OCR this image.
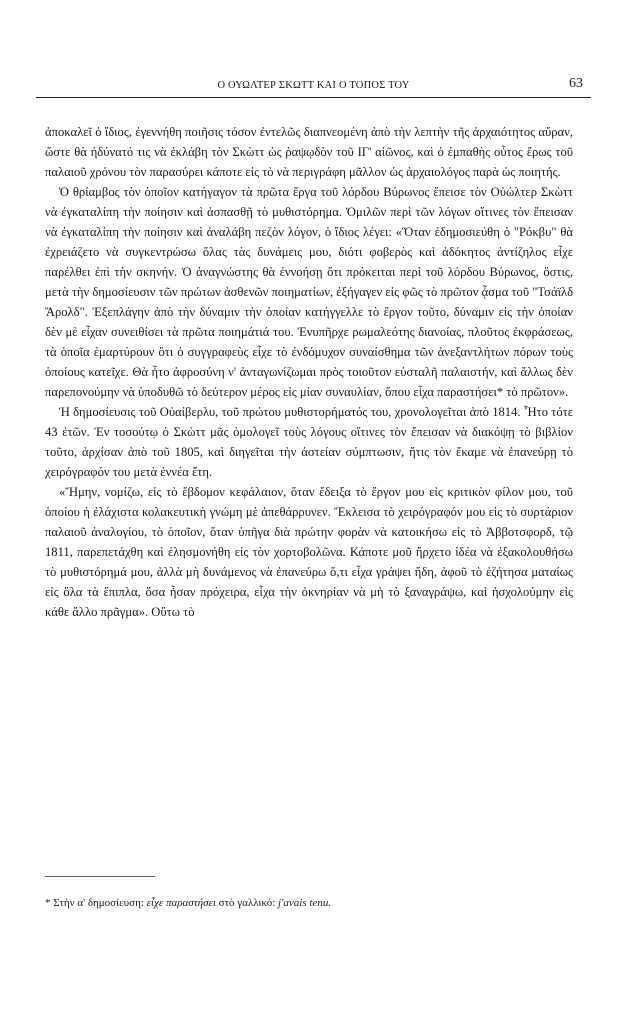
Ο ΟΥΩΛΤΕΡ ΣΚΩΤΤ ΚΑΙ Ο ΤΟΠΟΣ ΤΟΥ	63

ἀποκαλεῖ ὁ ἴδιος, ἐγεννήθη ποιῆσις τόσον ἐντελῶς διαπνεομένη ἀπὸ τὴν λεπτὴν τῆς ἀρχαιότητος αὔραν, ὥστε θὰ ἠδύνατό τις νὰ ἐκλάβη τὸν Σκὼττ ὡς ῥαψῳδὸν τοῦ ΙΓ' αἰῶνος, καὶ ὁ ἐμπαθὴς οὗτος ἔρως τοῦ παλαιοῦ χρόνου τὸν παρασύρει κάποτε εἰς τὸ νὰ περιγράφη μᾶλλον ὡς ἀρχαιολόγος παρὰ ὡς ποιητής.

Ὁ θρίαμβος τὸν ὁποῖον κατήγαγον τὰ πρῶτα ἔργα τοῦ λόρδου Βύρωνος ἔπεισε τὸν Οὐώλτερ Σκὼττ νὰ ἐγκαταλίπη τὴν ποίησιν καὶ ἀσπασθῇ τὸ μυθιστόρημα. Ὁμιλῶν περὶ τῶν λόγων οἵτινες τὸν ἔπεισαν νὰ ἐγκαταλίπη τὴν ποίησιν καὶ ἀναλάβη πεζὸν λόγον, ὁ ἴδιος λέγει: «Ὅταν ἐδημοσιεύθη ὁ "Ρόκβυ" θὰ ἐχρειάζετο νὰ συγκεντρώσω ὅλας τὰς δυνάμεις μου, διότι φοβερὸς καὶ ἀδόκητος ἀντίζηλος εἶχε παρέλθει ἐπὶ τὴν σκηνήν. Ὁ ἀναγνώστης θὰ ἐννοήσῃ ὅτι πρόκειται περὶ τοῦ λόρδου Βύρωνος, ὅστις, μετὰ τὴν δημοσίευσιν τῶν πρώτων ἀσθενῶν ποιηματίων, ἐξήγαγεν εἰς φῶς τὸ πρῶτον ᾆσμα τοῦ "Τσάϊλδ Ἄρολδ". Ἐξεπλάγην ἀπὸ τὴν δύναμιν τὴν ὁποίαν κατήγγελλε τὸ ἔργον τοῦτο, δύναμιν εἰς τὴν ὁποίαν δὲν μὲ εἶχαν συνειθίσει τὰ πρῶτα ποιημάτιά του. Ἐνυπῆρχε ρωμαλεότης διανοίας, πλοῦτος ἐκφράσεως, τὰ ὁποῖα ἐμαρτύρουν ὅτι ὁ συγγραφεὺς εἶχε τὸ ἐνδόμυχον συναίσθημα τῶν ἀνεξαντλήτων πόρων τοὺς ὁποίους κατεῖχε. Θὰ ἦτο ἀφροσύνη ν' ἀνταγωνίζωμαι πρὸς τοιοῦτον εὐσταλῆ παλαιστήν, καὶ ἄλλως δὲν παρεπονούμην νὰ ὑποδυθῶ τὸ δεύτερον μέρος εἰς μίαν συναυλίαν, ὅπου εἶχα παραστήσει* τὸ πρῶτον».

Ἡ δημοσίευσις τοῦ Οὐαίβερλυ, τοῦ πρώτου μυθιστορήματός του, χρονολογεῖται ἀπὸ 1814. Ἦτο τότε 43 ἐτῶν. Ἐν τοσούτῳ ὁ Σκὼττ μᾶς ὁμολογεῖ τοὺς λόγους οἵτινες τὸν ἔπεισαν νὰ διακόψῃ τὸ βιβλίον τοῦτο, ἀρχίσαν ἀπὸ τοῦ 1805, καὶ διηγεῖται τὴν ἀστείαν σύμπτωσιν, ἥτις τὸν ἔκαμε νὰ ἐπανεύρῃ τὸ χειρόγραφόν του μετὰ ἐννέα ἔτη.

«Ἤμην, νομίζω, εἰς τὸ ἕβδομον κεφάλαιον, ὅταν ἔδειξα τὸ ἔργον μου εἰς κριτικὸν φίλον μου, τοῦ ὁποίου ἡ ἐλάχιστα κολακευτικὴ γνώμη μὲ ἀπεθάρρυνεν. Ἔκλεισα τὸ χειρόγραφόν μου εἰς τὸ συρτάριον παλαιοῦ ἀναλογίου, τὸ ὁποῖον, ὅταν ὑπῆγα διὰ πρώτην φορὰν νὰ κατοικήσω εἰς τὸ Ἀββοτσφορδ, τῷ 1811, παρεπετάχθη καὶ ἐλησμονήθη εἰς τὸν χορτοβολῶνα. Κάποτε μοῦ ἤρχετο ἰδέα νὰ ἐξακολουθήσω τὸ μυθιστόρημά μου, ἀλλὰ μὴ δυνάμενος νὰ ἐπανεύρω ὅ,τι εἶχα γράψει ἤδη, ἀφοῦ τὸ ἐζήτησα ματαίως εἰς ὅλα τὰ ἔπιπλα, ὅσα ἦσαν πρόχειρα, εἶχα τὴν ὀκνηρίαν νὰ μὴ τὸ ξαναγράψω, καὶ ἠσχολούμην εἰς κάθε ἄλλο πρᾶγμα». Οὕτω τὸ

* Στὴν α' δημοσίευση: εἶχε παραστήσει στὸ γαλλικό: j'avais tenu.
